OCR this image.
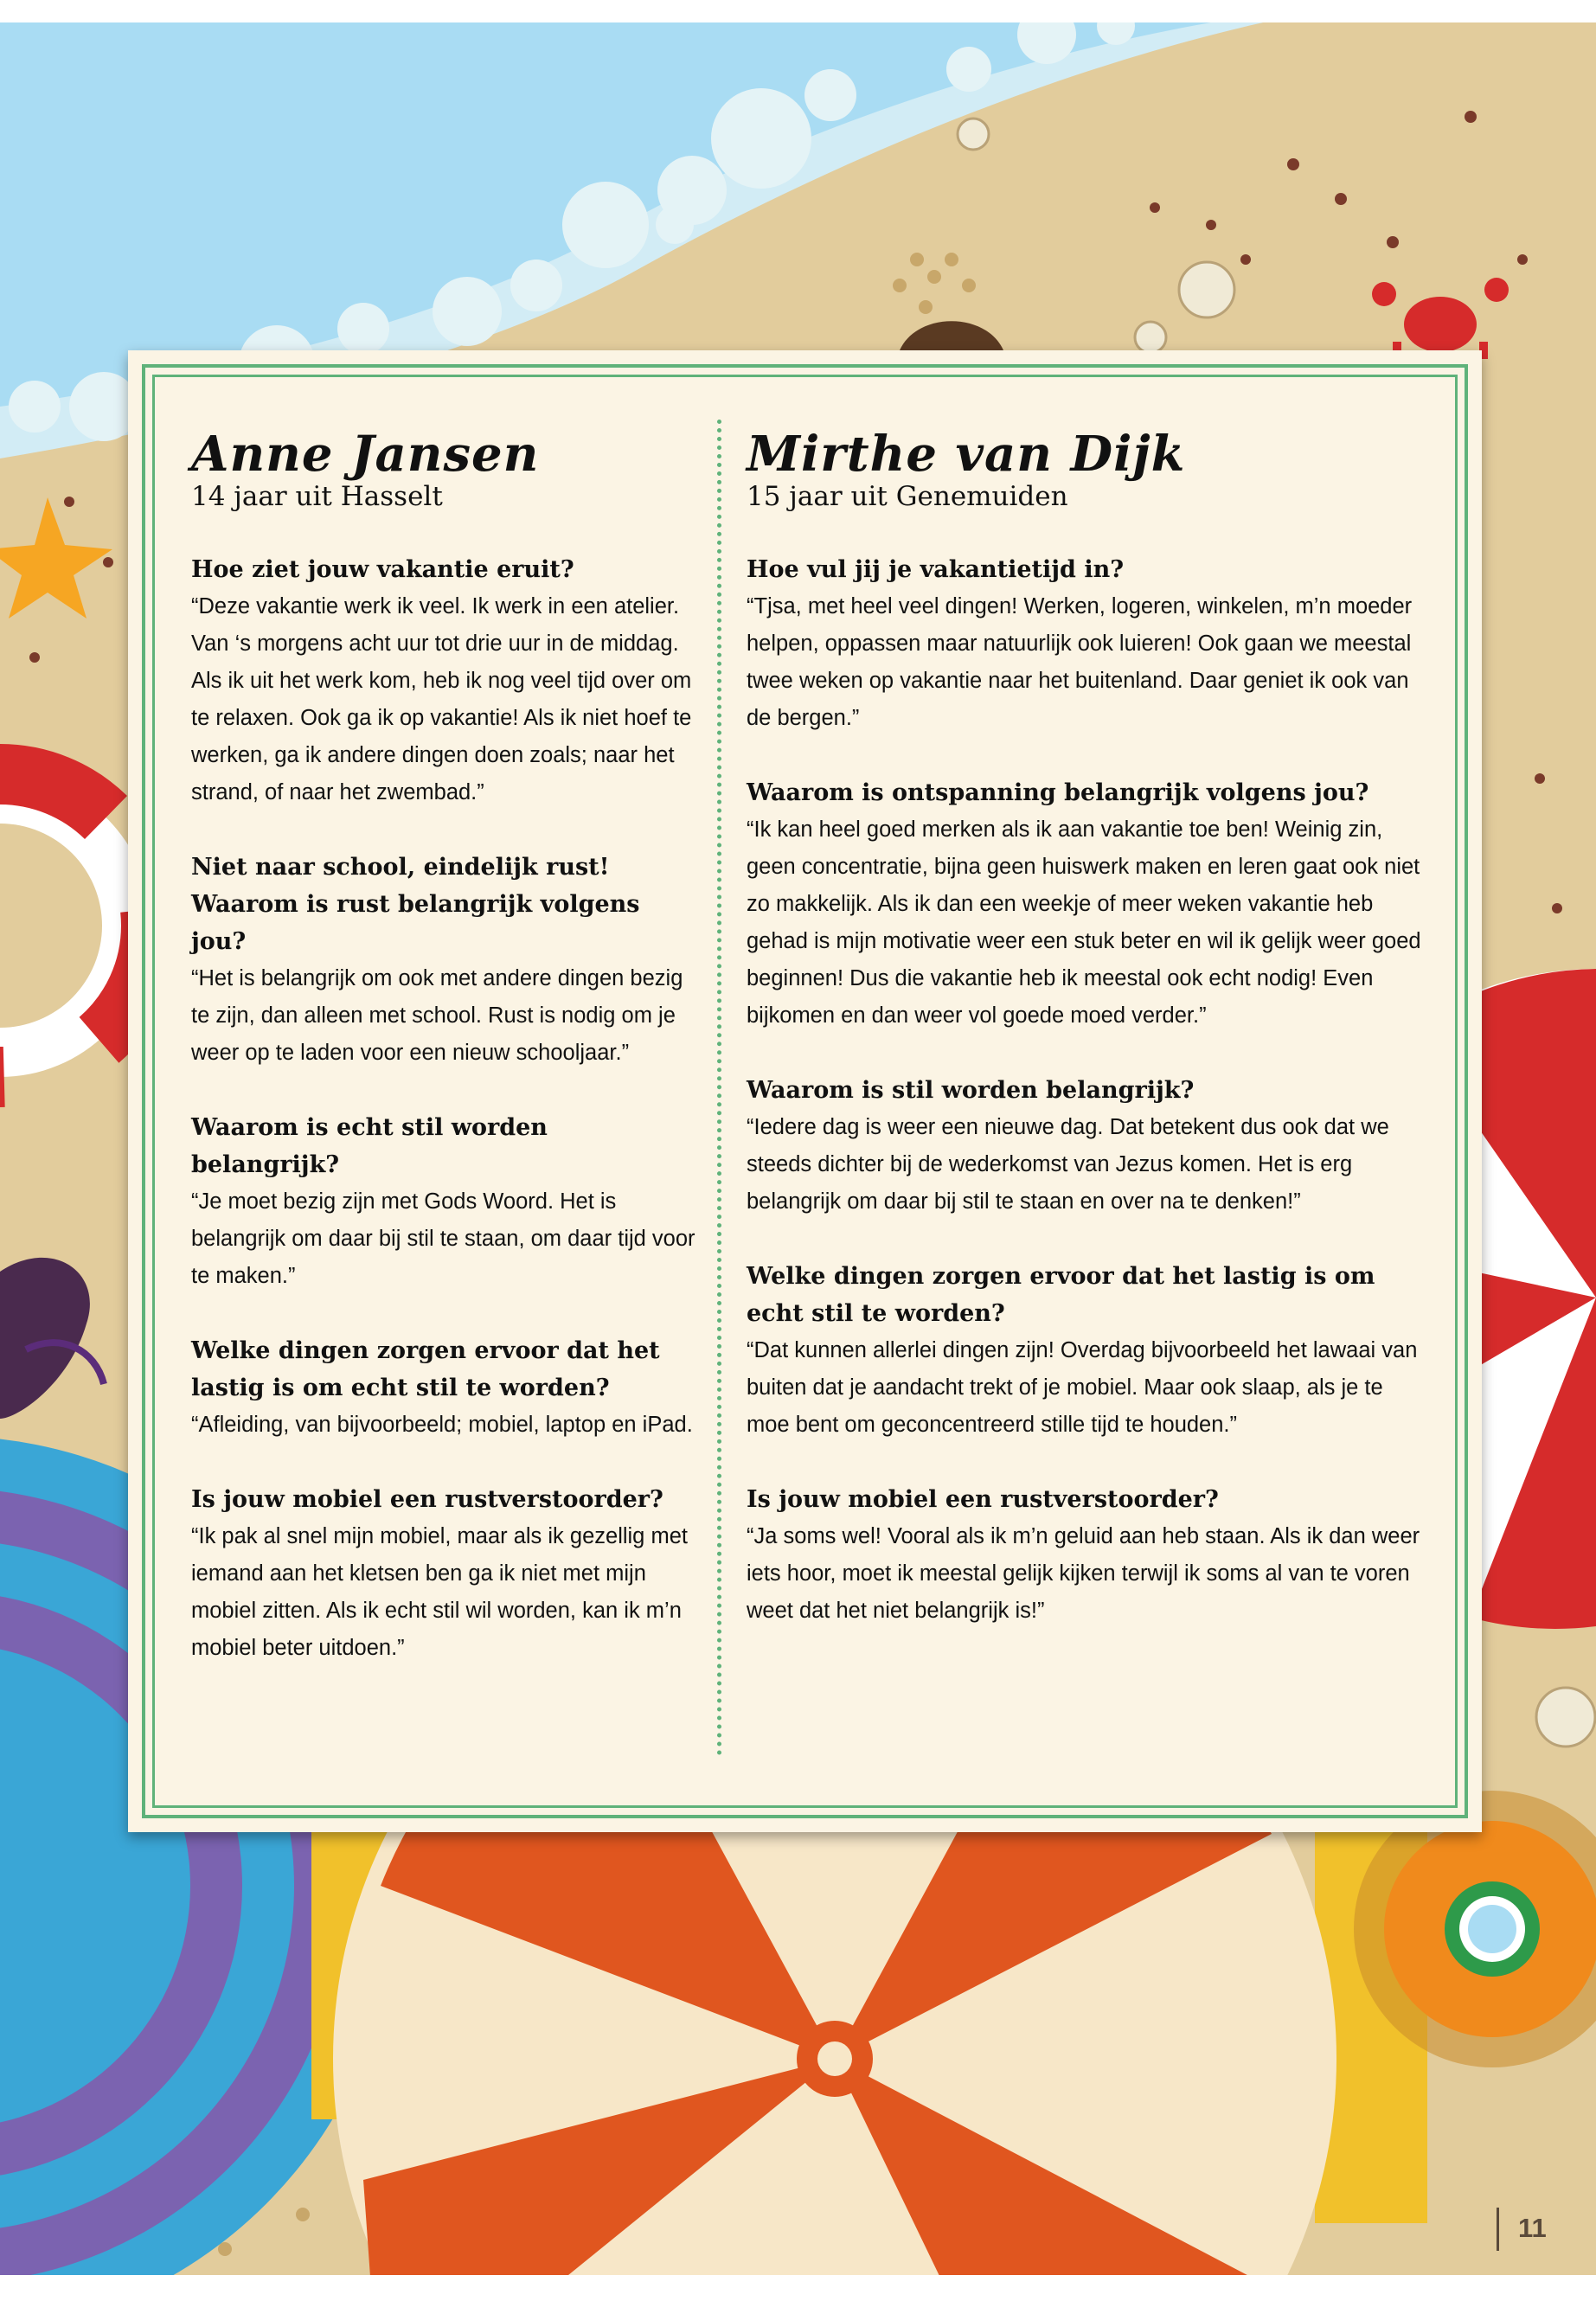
Anne Jansen
14 jaar uit Hasselt
Hoe ziet jouw vakantie eruit?
“Deze vakantie werk ik veel. Ik werk in een atelier. Van ‘s morgens acht uur tot drie uur in de middag. Als ik uit het werk kom, heb ik nog veel tijd over om te relaxen. Ook ga ik op vakantie! Als ik niet hoef te werken, ga ik andere dingen doen zoals; naar het strand, of naar het zwembad.”
Niet naar school, eindelijk rust! Waarom is rust belangrijk volgens jou?
“Het is belangrijk om ook met andere dingen bezig te zijn, dan alleen met school. Rust is nodig om je weer op te laden voor een nieuw schooljaar.”
Waarom is echt stil worden belangrijk?
“Je moet bezig zijn met Gods Woord. Het is belangrijk om daar bij stil te staan, om daar tijd voor te maken.”
Welke dingen zorgen ervoor dat het lastig is om echt stil te worden?
“Afleiding, van bijvoorbeeld; mobiel, laptop en iPad.
Is jouw mobiel een rustverstoorder?
“Ik pak al snel mijn mobiel, maar als ik gezellig met iemand aan het kletsen ben ga ik niet met mijn mobiel zitten. Als ik echt stil wil worden, kan ik m’n mobiel beter uitdoen.”
Mirthe van Dijk
15 jaar uit Genemuiden
Hoe vul jij je vakantietijd in?
“Tjsa, met heel veel dingen! Werken, logeren, winkelen, m’n moeder helpen, oppassen maar natuurlijk ook luieren! Ook gaan we meestal twee weken op vakantie naar het buitenland. Daar geniet ik ook van de bergen.”
Waarom is ontspanning belangrijk volgens jou?
“Ik kan heel goed merken als ik aan vakantie toe ben! Weinig zin, geen concentratie, bijna geen huiswerk maken en leren gaat ook niet zo makkelijk. Als ik dan een weekje of meer weken vakantie heb gehad is mijn motivatie weer een stuk beter en wil ik gelijk weer goed beginnen! Dus die vakantie heb ik meestal ook echt nodig! Even bijkomen en dan weer vol goede moed verder.”
Waarom is stil worden belangrijk?
“Iedere dag is weer een nieuwe dag. Dat betekent dus ook dat we steeds dichter bij de wederkomst van Jezus komen. Het is erg belangrijk om daar bij stil te staan en over na te denken!”
Welke dingen zorgen ervoor dat het lastig is om echt stil te worden?
“Dat kunnen allerlei dingen zijn! Overdag bijvoorbeeld het lawaai van buiten dat je aandacht trekt of je mobiel. Maar ook slaap, als je te moe bent om geconcentreerd stille tijd te houden.”
Is jouw mobiel een rustverstoorder?
“Ja soms wel! Vooral als ik m’n geluid aan heb staan. Als ik dan weer iets hoor, moet ik meestal gelijk kijken terwijl ik soms al van te voren weet dat het niet belangrijk is!”
11
